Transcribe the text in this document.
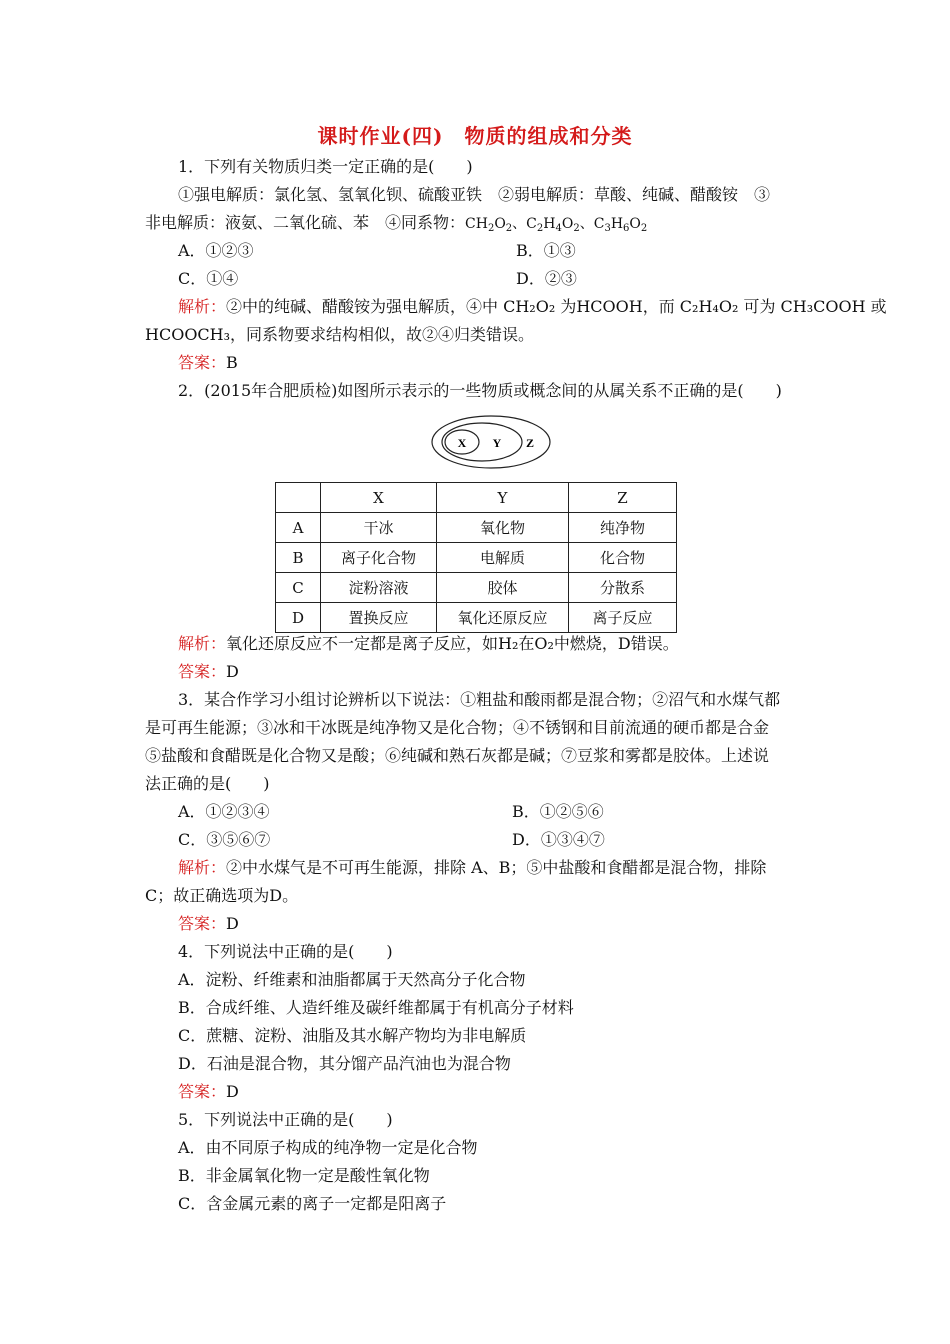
课时作业(四)　物质的组成和分类
1．下列有关物质归类一定正确的是(　　)
①强电解质：氯化氢、氢氧化钡、硫酸亚铁　②弱电解质：草酸、纯碱、醋酸铵　③
非电解质：液氨、二氧化硫、苯　④同系物：$CH_2O_2$、$C_2H_4O_2$、$C_3H_6O_2$
A．①②③	B．①③
C．①④	D．②③
解析：②中的纯碱、醋酸铵为强电解质，④中 CH₂O₂ 为HCOOH，而 C₂H₄O₂ 可为 CH₃COOH 或
HCOOCH₃，同系物要求结构相似，故②④归类错误。
答案：B
2．(2015年合肥质检)如图所示表示的一些物质或概念间的从属关系不正确的是(　　)
X Y Z
	X	Y	Z
A	干冰	氧化物	纯净物
B	离子化合物	电解质	化合物
C	淀粉溶液	胶体	分散系
D	置换反应	氧化还原反应	离子反应
解析：氧化还原反应不一定都是离子反应，如H₂在O₂中燃烧，D错误。
答案：D
3．某合作学习小组讨论辨析以下说法：①粗盐和酸雨都是混合物；②沼气和水煤气都
是可再生能源；③冰和干冰既是纯净物又是化合物；④不锈钢和目前流通的硬币都是合金
⑤盐酸和食醋既是化合物又是酸；⑥纯碱和熟石灰都是碱；⑦豆浆和雾都是胶体。上述说
法正确的是(　　)
A．①②③④	B．①②⑤⑥
C．③⑤⑥⑦	D．①③④⑦
解析：②中水煤气是不可再生能源，排除 A、B；⑤中盐酸和食醋都是混合物，排除
C；故正确选项为D。
答案：D
4．下列说法中正确的是(　　)
A．淀粉、纤维素和油脂都属于天然高分子化合物
B．合成纤维、人造纤维及碳纤维都属于有机高分子材料
C．蔗糖、淀粉、油脂及其水解产物均为非电解质
D．石油是混合物，其分馏产品汽油也为混合物
答案：D
5．下列说法中正确的是(　　)
A．由不同原子构成的纯净物一定是化合物
B．非金属氧化物一定是酸性氧化物
C．含金属元素的离子一定都是阳离子
